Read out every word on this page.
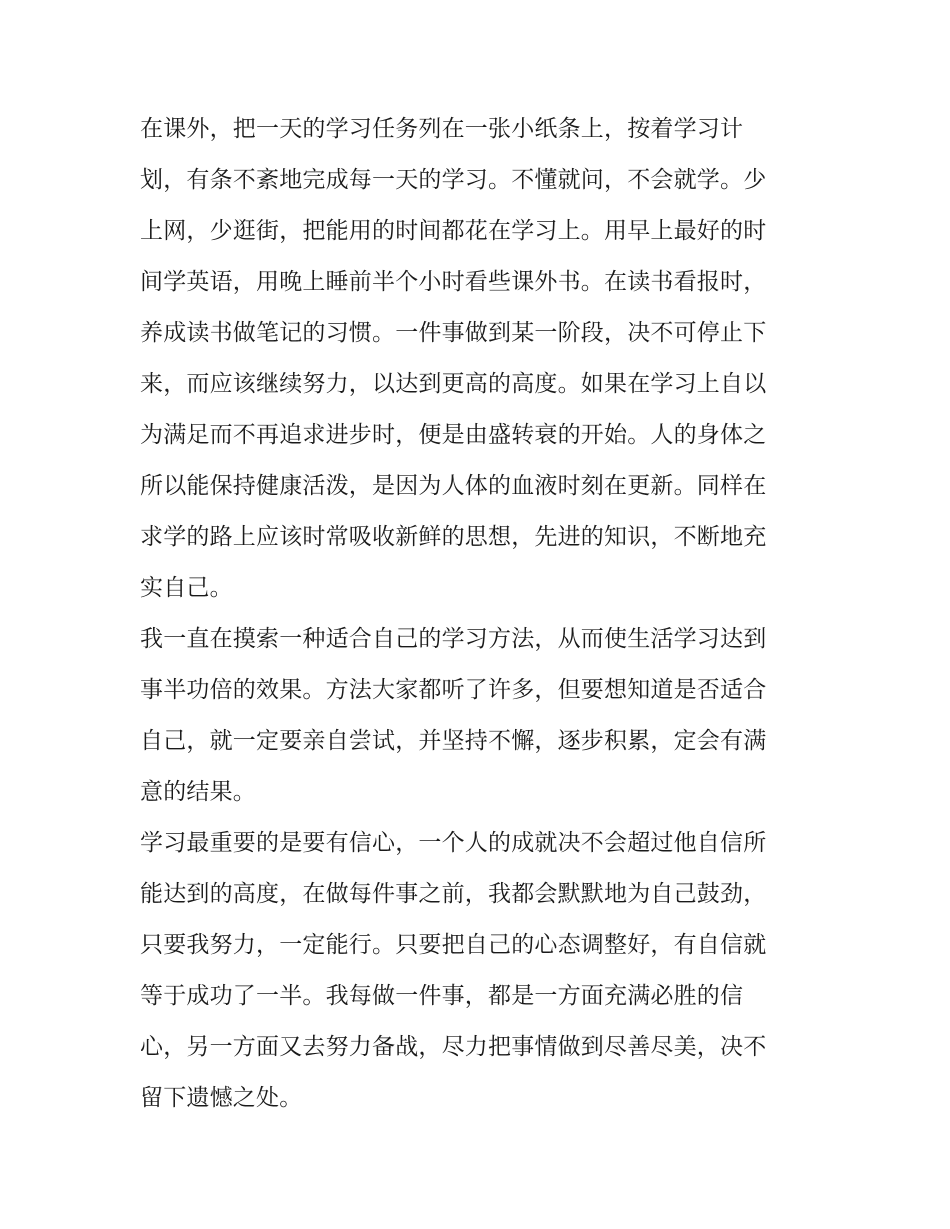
在课外，把一天的学习任务列在一张小纸条上，按着学习计
划，有条不紊地完成每一天的学习。不懂就问，不会就学。少
上网，少逛街，把能用的时间都花在学习上。用早上最好的时
间学英语，用晚上睡前半个小时看些课外书。在读书看报时，
养成读书做笔记的习惯。一件事做到某一阶段，决不可停止下
来，而应该继续努力，以达到更高的高度。如果在学习上自以
为满足而不再追求进步时，便是由盛转衰的开始。人的身体之
所以能保持健康活泼，是因为人体的血液时刻在更新。同样在
求学的路上应该时常吸收新鲜的思想，先进的知识，不断地充
实自己。
我一直在摸索一种适合自己的学习方法，从而使生活学习达到
事半功倍的效果。方法大家都听了许多，但要想知道是否适合
自己，就一定要亲自尝试，并坚持不懈，逐步积累，定会有满
意的结果。
学习最重要的是要有信心，一个人的成就决不会超过他自信所
能达到的高度，在做每件事之前，我都会默默地为自己鼓劲，
只要我努力，一定能行。只要把自己的心态调整好，有自信就
等于成功了一半。我每做一件事，都是一方面充满必胜的信
心，另一方面又去努力备战，尽力把事情做到尽善尽美，决不
留下遗憾之处。
